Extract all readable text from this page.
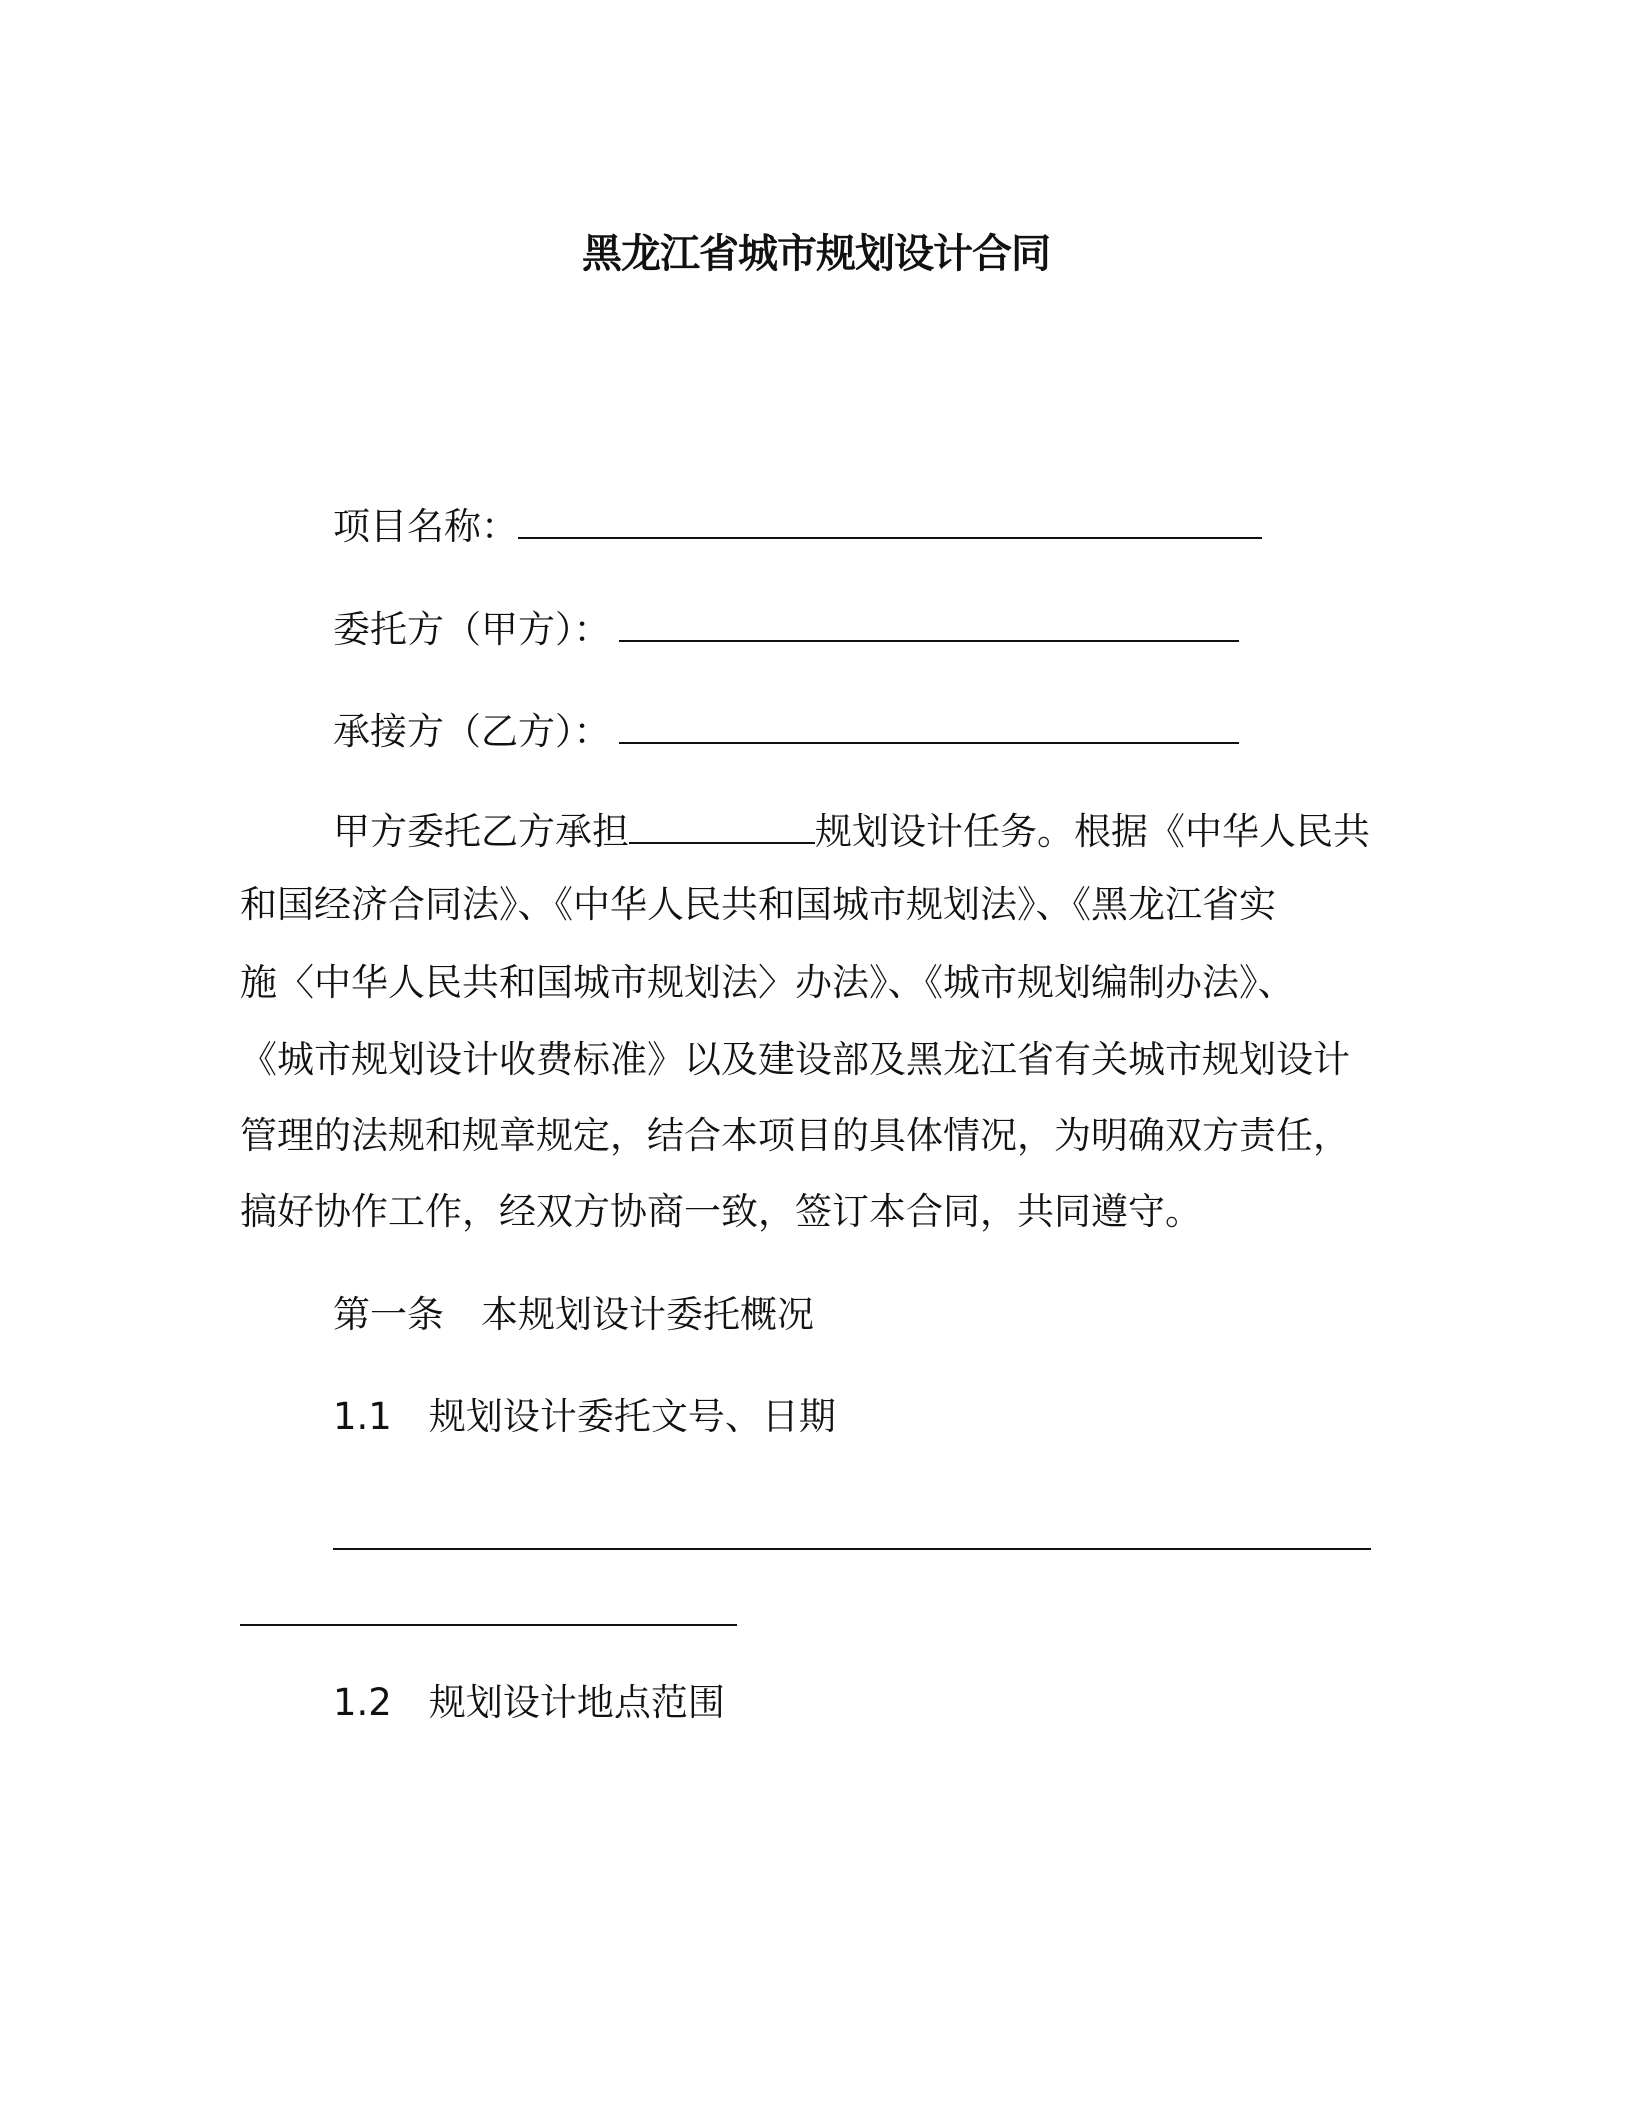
黑龙江省城市规划设计合同
项目名称：
委托方（甲方）：
承接方（乙方）：
甲方委托乙方承担	规划设计任务。根据《中华人民共
和国经济合同法》、《中华人民共和国城市规划法》、《黑龙江省实
施〈中华人民共和国城市规划法〉办法》、《城市规划编制办法》、
《城市规划设计收费标准》以及建设部及黑龙江省有关城市规划设计
管理的法规和规章规定，结合本项目的具体情况，为明确双方责任，
搞好协作工作，经双方协商一致，签订本合同，共同遵守。
第一条　本规划设计委托概况
1.1　规划设计委托文号、日期
1.2　规划设计地点范围
